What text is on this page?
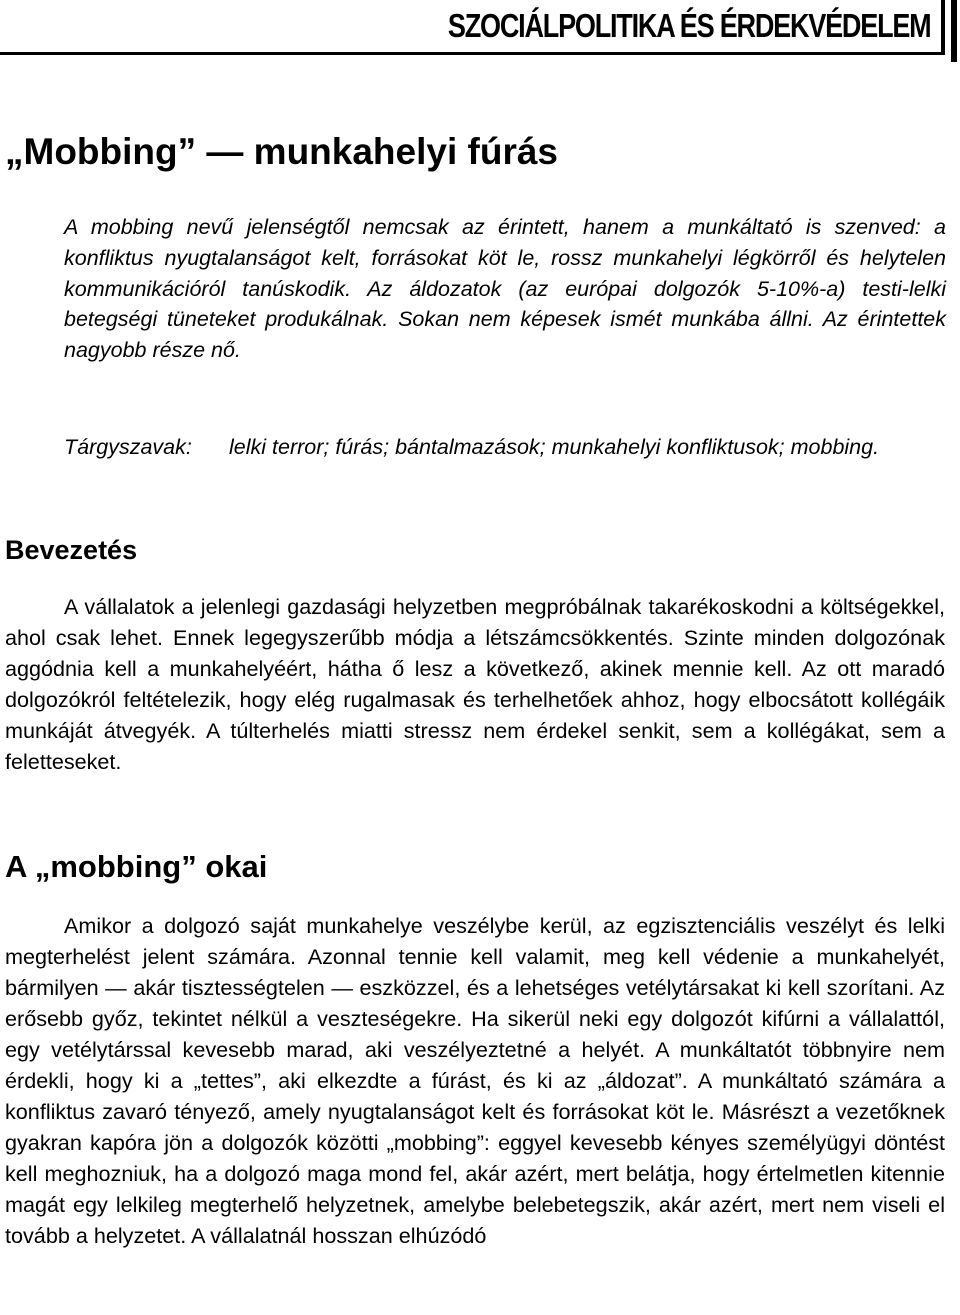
SZOCIÁLPOLITIKA ÉS ÉRDEKVÉDELEM
„Mobbing” — munkahelyi fúrás

A mobbing nevű jelenségtől nemcsak az érintett, hanem a munkáltató is szenved: a konfliktus nyugtalanságot kelt, forrásokat köt le, rossz munkahelyi légkörről és helytelen kommunikációról tanúskodik. Az áldozatok (az európai dolgozók 5-10%-a) testi-lelki betegségi tüneteket produkálnak. Sokan nem képesek ismét munkába állni. Az érintettek nagyobb része nő.

Tárgyszavak: lelki terror; fúrás; bántalmazások; munkahelyi konfliktusok; mobbing.
Bevezetés

A vállalatok a jelenlegi gazdasági helyzetben megpróbálnak takarékoskodni a költségekkel, ahol csak lehet. Ennek legegyszerűbb módja a létszámcsökkentés. Szinte minden dolgozónak aggódnia kell a munkahelyéért, hátha ő lesz a következő, akinek mennie kell. Az ott maradó dolgozókról feltételezik, hogy elég rugalmasak és terhelhetőek ahhoz, hogy elbocsátott kollégáik munkáját átvegyék. A túlterhelés miatti stressz nem érdekel senkit, sem a kollégákat, sem a feletteseket.

A „mobbing” okai

Amikor a dolgozó saját munkahelye veszélybe kerül, az egzisztenciális veszélyt és lelki megterhelést jelent számára. Azonnal tennie kell valamit, meg kell védenie a munkahelyét, bármilyen — akár tisztességtelen — eszközzel, és a lehetséges vetélytársakat ki kell szorítani. Az erősebb győz, tekintet nélkül a veszteségekre. Ha sikerül neki egy dolgozót kifúrni a vállalattól, egy vetélytárssal kevesebb marad, aki veszélyeztetné a helyét. A munkáltatót többnyire nem érdekli, hogy ki a „tettes”, aki elkezdte a fúrást, és ki az „áldozat”. A munkáltató számára a konfliktus zavaró tényező, amely nyugtalanságot kelt és forrásokat köt le. Másrészt a vezetőknek gyakran kapóra jön a dolgozók közötti „mobbing”: eggyel kevesebb kényes személyügyi döntést kell meghozniuk, ha a dolgozó maga mond fel, akár azért, mert belátja, hogy értelmetlen kitennie magát egy lelkileg megterhelő helyzetnek, amelybe belebetegszik, akár azért, mert nem viseli el tovább a helyzetet. A vállalatnál hosszan elhúzódó
